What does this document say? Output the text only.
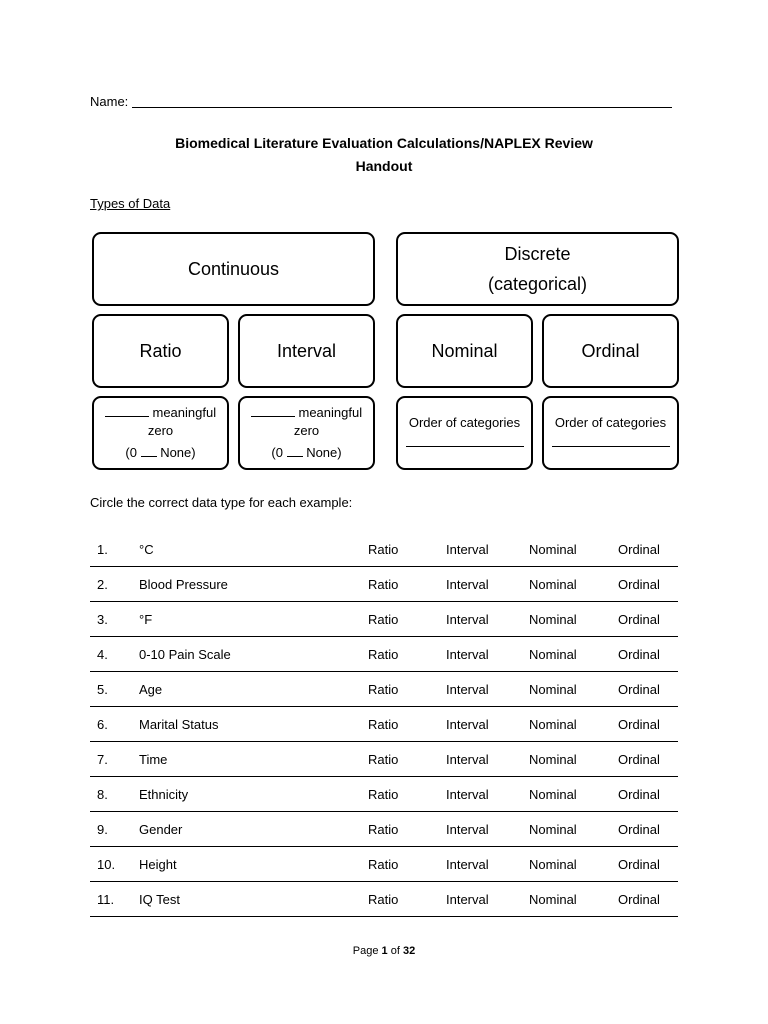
Name:
Biomedical Literature Evaluation Calculations/NAPLEX Review
Handout
Types of Data
Continuous
Discrete
(categorical)
Ratio	Interval	Nominal	Ordinal
meaningful
zero
(0 None)
meaningful
zero
(0 None)
Order of categories	Order of categories
Circle the correct data type for each example:
1.	°C	Ratio	Interval	Nominal	Ordinal
2.	Blood Pressure	Ratio	Interval	Nominal	Ordinal
3.	°F	Ratio	Interval	Nominal	Ordinal
4.	0-10 Pain Scale	Ratio	Interval	Nominal	Ordinal
5.	Age	Ratio	Interval	Nominal	Ordinal
6.	Marital Status	Ratio	Interval	Nominal	Ordinal
7.	Time	Ratio	Interval	Nominal	Ordinal
8.	Ethnicity	Ratio	Interval	Nominal	Ordinal
9.	Gender	Ratio	Interval	Nominal	Ordinal
10.	Height	Ratio	Interval	Nominal	Ordinal
11.	IQ Test	Ratio	Interval	Nominal	Ordinal
Page 1 of 32
